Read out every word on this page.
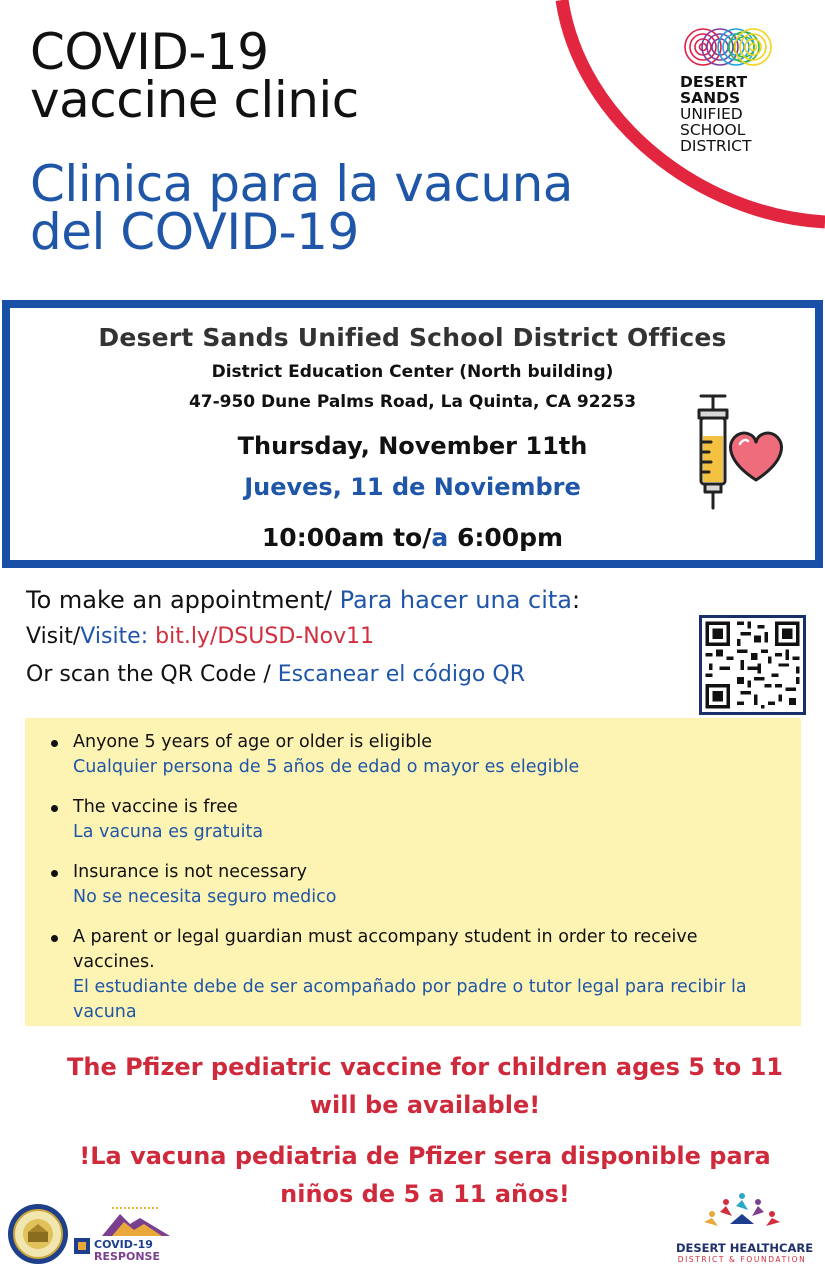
COVID-19
vaccine clinic
Clinica para la vacuna
del COVID-19
DESERT
SANDS
UNIFIED
SCHOOL
DISTRICT
Desert Sands Unified School District Offices
District Education Center (North building)
47-950 Dune Palms Road, La Quinta, CA 92253
Thursday, November 11th
Jueves, 11 de Noviembre
10:00am to/a 6:00pm
To make an appointment/ Para hacer una cita:
Visit/Visite: bit.ly/DSUSD-Nov11
Or scan the QR Code / Escanear el código QR
Anyone 5 years of age or older is eligible
Cualquier persona de 5 años de edad o mayor es elegible
The vaccine is free
La vacuna es gratuita
Insurance is not necessary
No se necesita seguro medico
A parent or legal guardian must accompany student in order to receive vaccines.
El estudiante debe de ser acompañado por padre o tutor legal para recibir la vacuna
The Pfizer pediatric vaccine for children ages 5 to 11 will be available!
!La vacuna pediatria de Pfizer sera disponible para niños de 5 a 11 años!
COVID-19
RESPONSE
DESERT HEALTHCARE
DISTRICT & FOUNDATION
